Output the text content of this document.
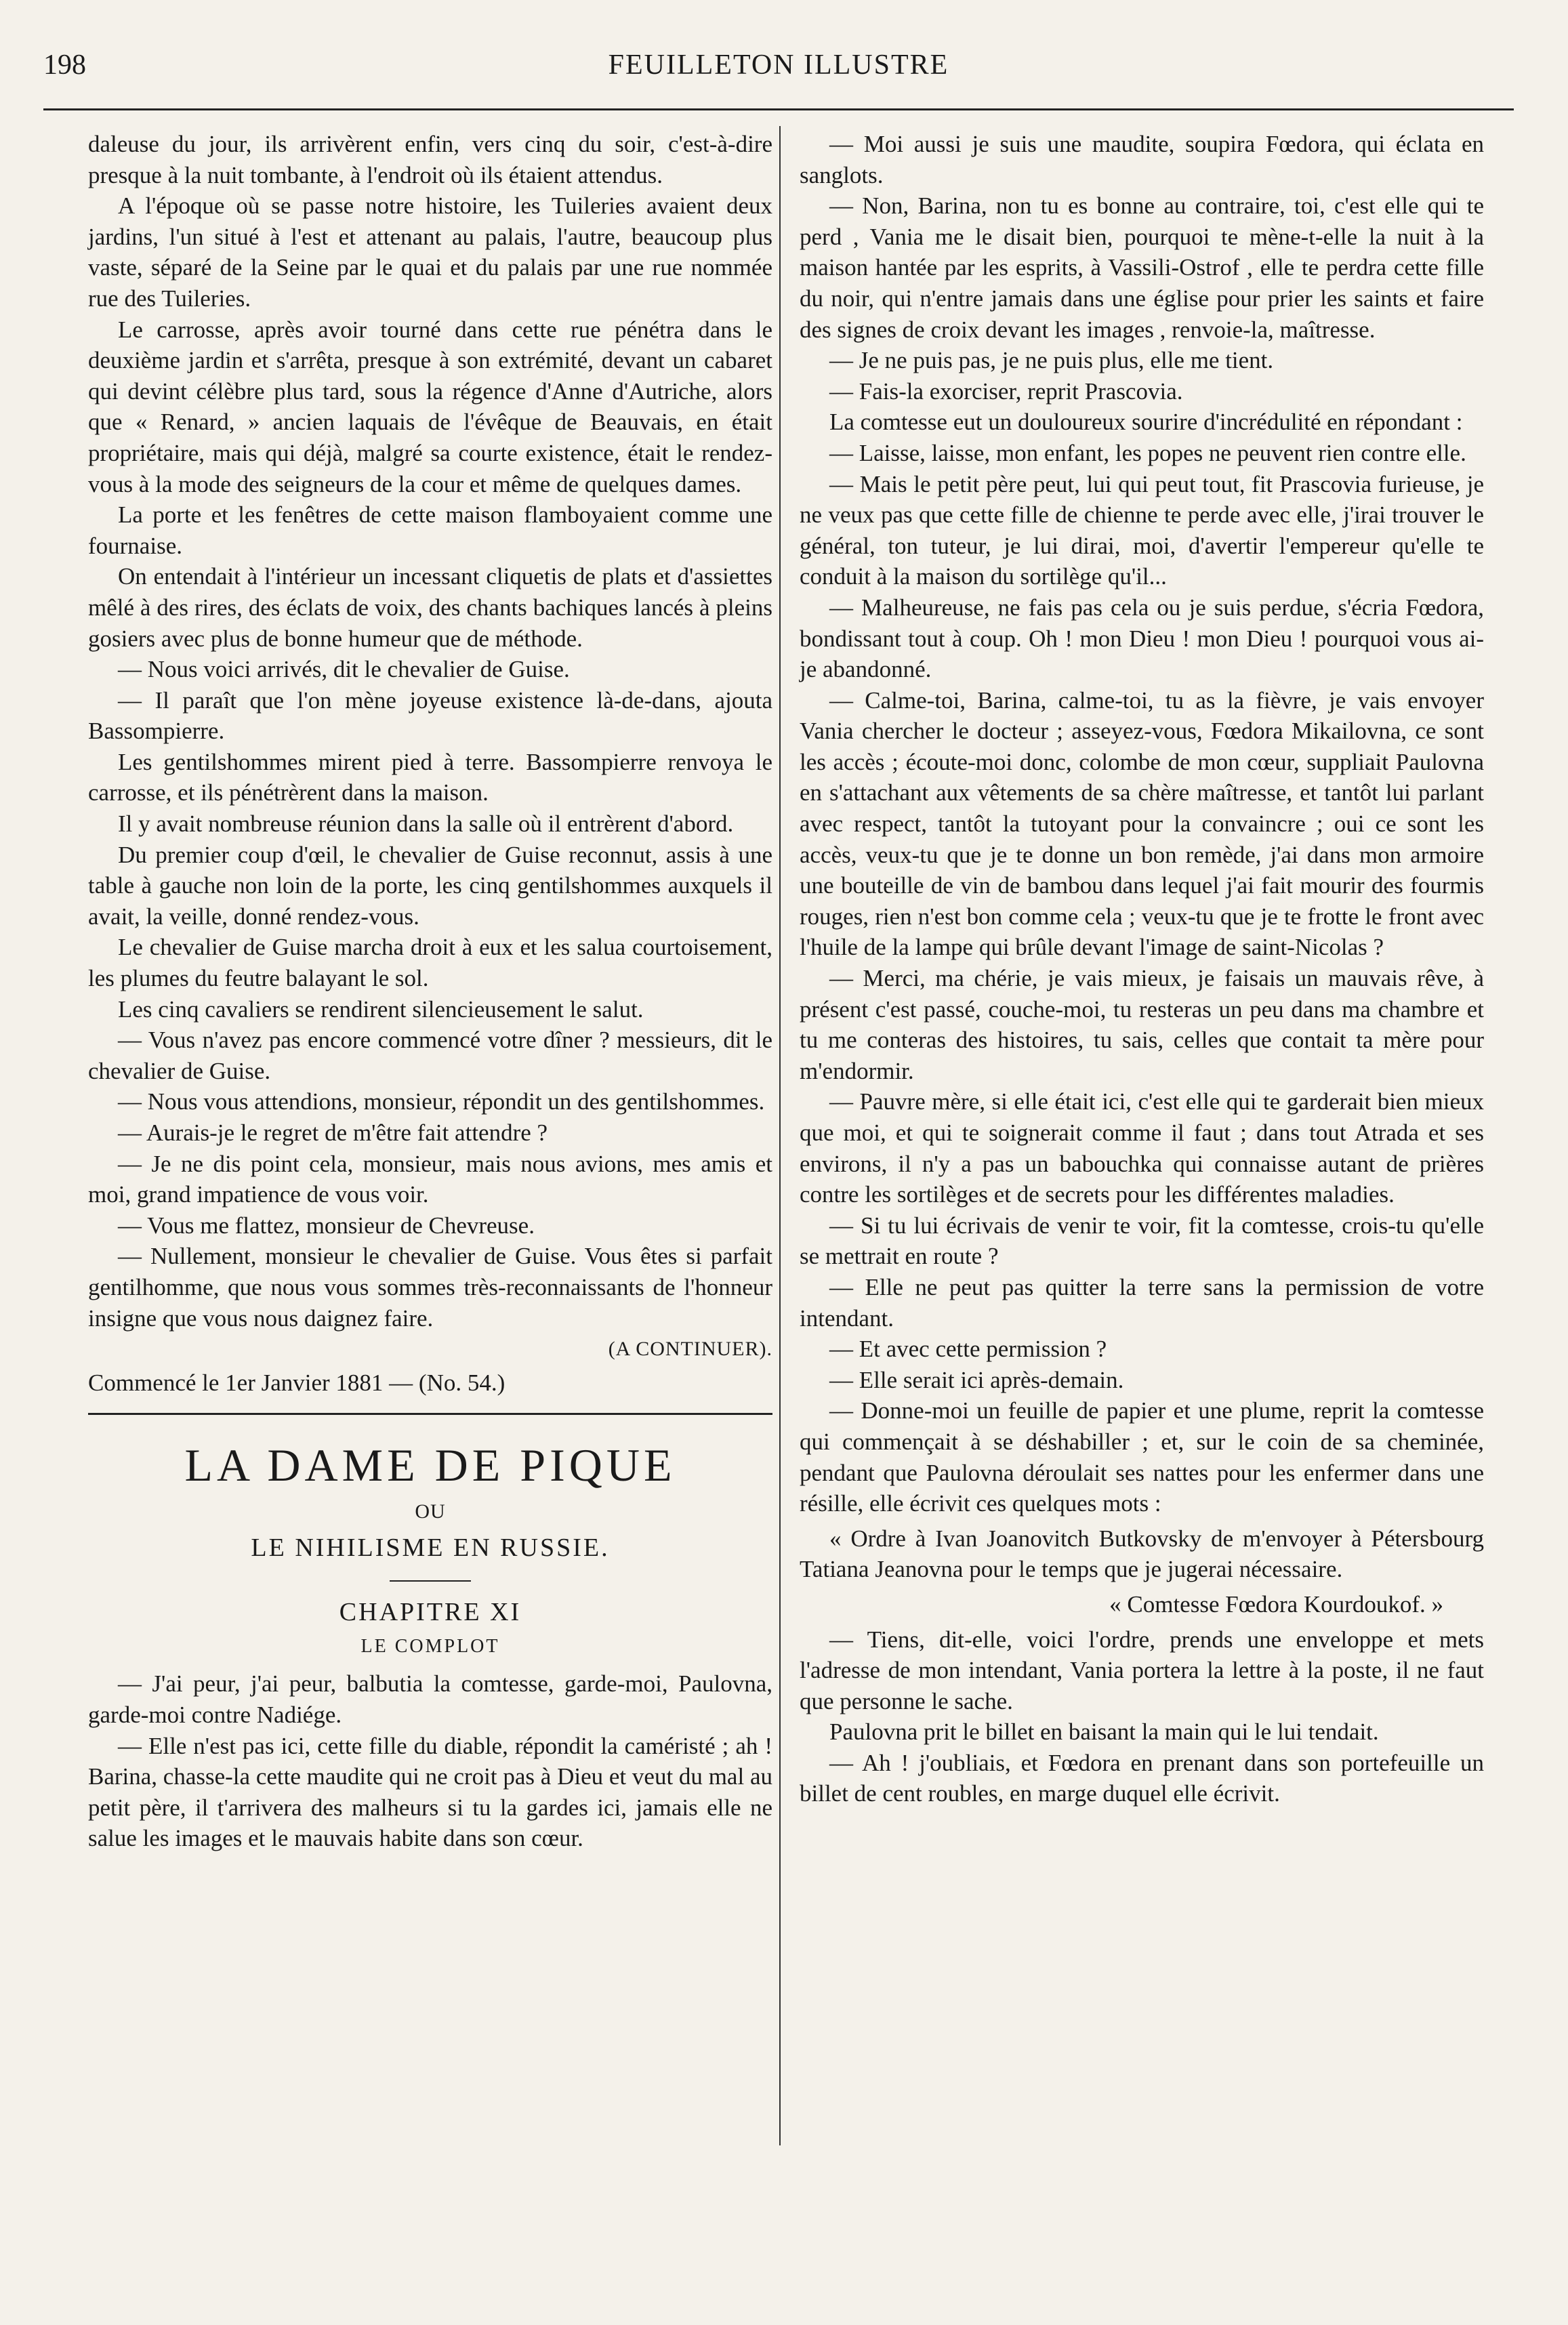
198	FEUILLETON ILLUSTRE

daleuse du jour, ils arrivèrent enfin, vers cinq du soir, c'est-à-dire presque à la nuit tombante, à l'endroit où ils étaient attendus.

A l'époque où se passe notre histoire, les Tuileries avaient deux jardins, l'un situé à l'est et attenant au palais, l'autre, beaucoup plus vaste, séparé de la Seine par le quai et du palais par une rue nommée rue des Tuileries.

Le carrosse, après avoir tourné dans cette rue pénétra dans le deuxième jardin et s'arrêta, presque à son extrémité, devant un cabaret qui devint célèbre plus tard, sous la régence d'Anne d'Autriche, alors que « Renard, » ancien laquais de l'évêque de Beauvais, en était propriétaire, mais qui déjà, malgré sa courte existence, était le rendez-vous à la mode des seigneurs de la cour et même de quelques dames.

La porte et les fenêtres de cette maison flamboyaient comme une fournaise.

On entendait à l'intérieur un incessant cliquetis de plats et d'assiettes mêlé à des rires, des éclats de voix, des chants bachiques lancés à pleins gosiers avec plus de bonne humeur que de méthode.

— Nous voici arrivés, dit le chevalier de Guise.

— Il paraît que l'on mène joyeuse existence là-de-dans, ajouta Bassompierre.

Les gentilshommes mirent pied à terre. Bassompierre renvoya le carrosse, et ils pénétrèrent dans la maison.

Il y avait nombreuse réunion dans la salle où il entrèrent d'abord.

Du premier coup d'œil, le chevalier de Guise reconnut, assis à une table à gauche non loin de la porte, les cinq gentilshommes auxquels il avait, la veille, donné rendez-vous.

Le chevalier de Guise marcha droit à eux et les salua courtoisement, les plumes du feutre balayant le sol.

Les cinq cavaliers se rendirent silencieusement le salut.

— Vous n'avez pas encore commencé votre dîner ? messieurs, dit le chevalier de Guise.

— Nous vous attendions, monsieur, répondit un des gentilshommes.

— Aurais-je le regret de m'être fait attendre ?

— Je ne dis point cela, monsieur, mais nous avions, mes amis et moi, grand impatience de vous voir.

— Vous me flattez, monsieur de Chevreuse.

— Nullement, monsieur le chevalier de Guise. Vous êtes si parfait gentilhomme, que nous vous sommes très-reconnaissants de l'honneur insigne que vous nous daignez faire.

(A CONTINUER).

Commencé le 1er Janvier 1881 — (No. 54.)

LA DAME DE PIQUE

OU

LE NIHILISME EN RUSSIE.

CHAPITRE XI

LE COMPLOT

— J'ai peur, j'ai peur, balbutia la comtesse, garde-moi, Paulovna, garde-moi contre Nadiége.

— Elle n'est pas ici, cette fille du diable, répondit la caméristé ; ah ! Barina, chasse-la cette maudite qui ne croit pas à Dieu et veut du mal au petit père, il t'arrivera des malheurs si tu la gardes ici, jamais elle ne salue les images et le mauvais habite dans son cœur.

— Moi aussi je suis une maudite, soupira Fœdora, qui éclata en sanglots.

— Non, Barina, non tu es bonne au contraire, toi, c'est elle qui te perd , Vania me le disait bien, pourquoi te mène-t-elle la nuit à la maison hantée par les esprits, à Vassili-Ostrof , elle te perdra cette fille du noir, qui n'entre jamais dans une église pour prier les saints et faire des signes de croix devant les images , renvoie-la, maîtresse.

— Je ne puis pas, je ne puis plus, elle me tient.

— Fais-la exorciser, reprit Prascovia.

La comtesse eut un douloureux sourire d'incrédulité en répondant :

— Laisse, laisse, mon enfant, les popes ne peuvent rien contre elle.

— Mais le petit père peut, lui qui peut tout, fit Prascovia furieuse, je ne veux pas que cette fille de chienne te perde avec elle, j'irai trouver le général, ton tuteur, je lui dirai, moi, d'avertir l'empereur qu'elle te conduit à la maison du sortilège qu'il...

— Malheureuse, ne fais pas cela ou je suis perdue, s'écria Fœdora, bondissant tout à coup. Oh ! mon Dieu ! mon Dieu ! pourquoi vous ai-je abandonné.

— Calme-toi, Barina, calme-toi, tu as la fièvre, je vais envoyer Vania chercher le docteur ; asseyez-vous, Fœdora Mikailovna, ce sont les accès ; écoute-moi donc, colombe de mon cœur, suppliait Paulovna en s'attachant aux vêtements de sa chère maîtresse, et tantôt lui parlant avec respect, tantôt la tutoyant pour la convaincre ; oui ce sont les accès, veux-tu que je te donne un bon remède, j'ai dans mon armoire une bouteille de vin de bambou dans lequel j'ai fait mourir des fourmis rouges, rien n'est bon comme cela ; veux-tu que je te frotte le front avec l'huile de la lampe qui brûle devant l'image de saint-Nicolas ?

— Merci, ma chérie, je vais mieux, je faisais un mauvais rêve, à présent c'est passé, couche-moi, tu resteras un peu dans ma chambre et tu me conteras des histoires, tu sais, celles que contait ta mère pour m'endormir.

— Pauvre mère, si elle était ici, c'est elle qui te garderait bien mieux que moi, et qui te soignerait comme il faut ; dans tout Atrada et ses environs, il n'y a pas un babouchka qui connaisse autant de prières contre les sortilèges et de secrets pour les différentes maladies.

— Si tu lui écrivais de venir te voir, fit la comtesse, crois-tu qu'elle se mettrait en route ?

— Elle ne peut pas quitter la terre sans la permission de votre intendant.

— Et avec cette permission ?

— Elle serait ici après-demain.

— Donne-moi un feuille de papier et une plume, reprit la comtesse qui commençait à se déshabiller ; et, sur le coin de sa cheminée, pendant que Paulovna déroulait ses nattes pour les enfermer dans une résille, elle écrivit ces quelques mots :

« Ordre à Ivan Joanovitch Butkovsky de m'envoyer à Pétersbourg Tatiana Jeanovna pour le temps que je jugerai nécessaire.

« Comtesse Fœdora Kourdoukof. »

— Tiens, dit-elle, voici l'ordre, prends une enveloppe et mets l'adresse de mon intendant, Vania portera la lettre à la poste, il ne faut que personne le sache.

Paulovna prit le billet en baisant la main qui le lui tendait.

— Ah ! j'oubliais, et Fœdora en prenant dans son portefeuille un billet de cent roubles, en marge duquel elle écrivit.
